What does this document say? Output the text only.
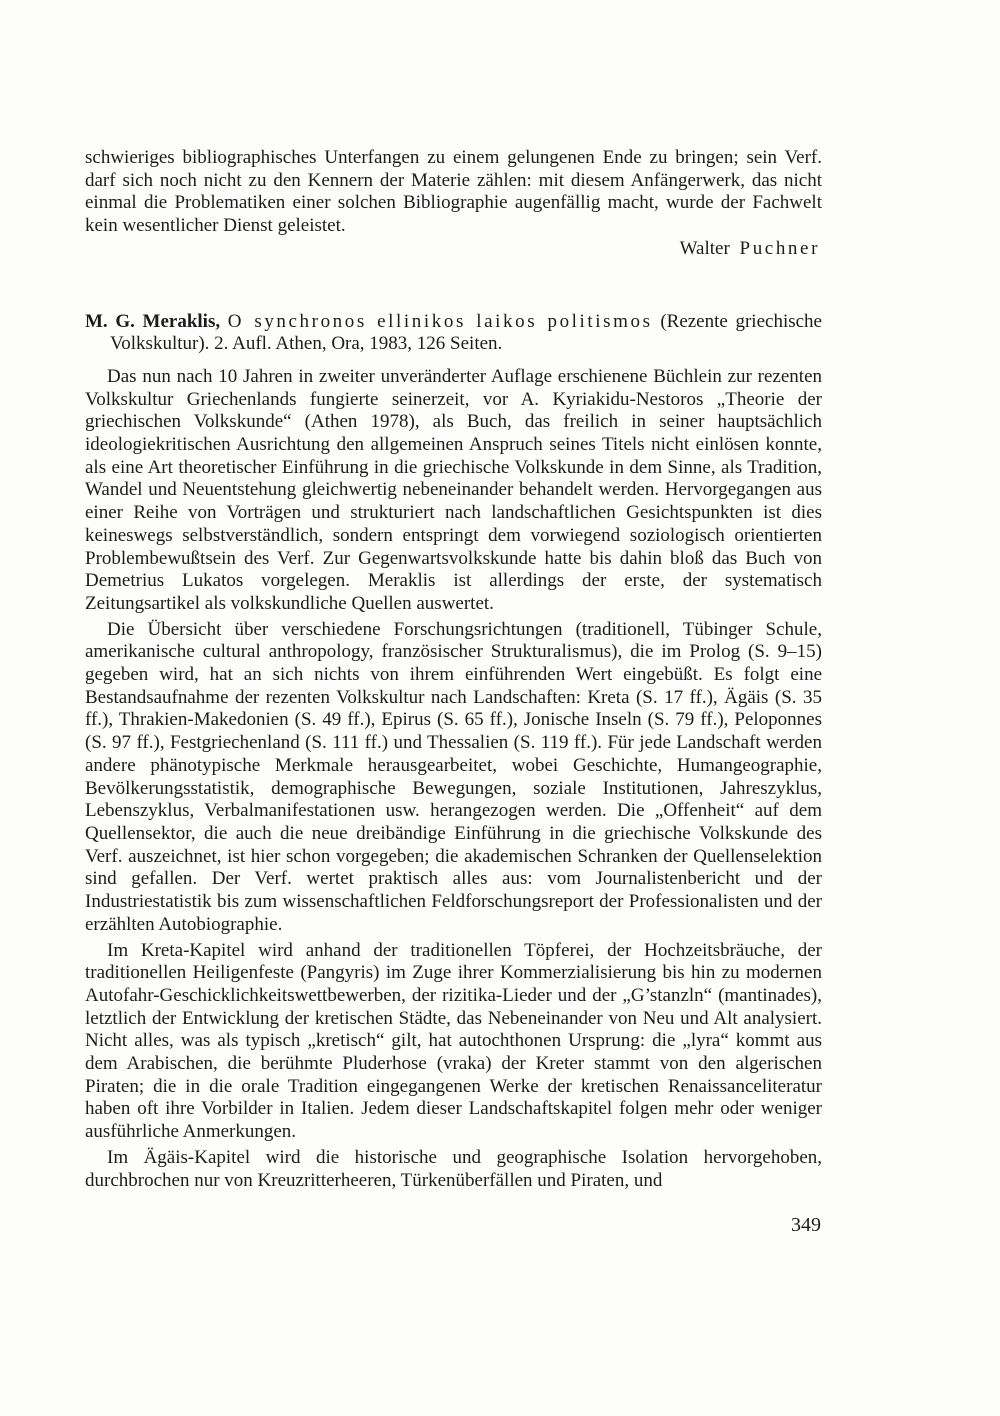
schwieriges bibliographisches Unterfangen zu einem gelungenen Ende zu bringen; sein Verf. darf sich noch nicht zu den Kennern der Materie zählen: mit diesem Anfängerwerk, das nicht einmal die Problematiken einer solchen Bibliographie augenfällig macht, wurde der Fachwelt kein wesentlicher Dienst geleistet.

Walter Puchner

M. G. Meraklis, O synchronos ellinikos laikos politismos (Rezente griechische Volkskultur). 2. Aufl. Athen, Ora, 1983, 126 Seiten.

Das nun nach 10 Jahren in zweiter unveränderter Auflage erschienene Büchlein zur rezenten Volkskultur Griechenlands fungierte seinerzeit, vor A. Kyriakidu-Nestoros „Theorie der griechischen Volkskunde“ (Athen 1978), als Buch, das freilich in seiner hauptsächlich ideologiekritischen Ausrichtung den allgemeinen Anspruch seines Titels nicht einlösen konnte, als eine Art theoretischer Einführung in die griechische Volkskunde in dem Sinne, als Tradition, Wandel und Neuentstehung gleichwertig nebeneinander behandelt werden. Hervorgegangen aus einer Reihe von Vorträgen und strukturiert nach landschaftlichen Gesichtspunkten ist dies keineswegs selbstverständlich, sondern entspringt dem vorwiegend soziologisch orientierten Problembewußtsein des Verf. Zur Gegenwartsvolkskunde hatte bis dahin bloß das Buch von Demetrius Lukatos vorgelegen. Meraklis ist allerdings der erste, der systematisch Zeitungsartikel als volkskundliche Quellen auswertet.

Die Übersicht über verschiedene Forschungsrichtungen (traditionell, Tübinger Schule, amerikanische cultural anthropology, französischer Strukturalismus), die im Prolog (S. 9–15) gegeben wird, hat an sich nichts von ihrem einführenden Wert eingebüßt. Es folgt eine Bestandsaufnahme der rezenten Volkskultur nach Landschaften: Kreta (S. 17 ff.), Ägäis (S. 35 ff.), Thrakien-Makedonien (S. 49 ff.), Epirus (S. 65 ff.), Jonische Inseln (S. 79 ff.), Peloponnes (S. 97 ff.), Festgriechenland (S. 111 ff.) und Thessalien (S. 119 ff.). Für jede Landschaft werden andere phänotypische Merkmale herausgearbeitet, wobei Geschichte, Humangeographie, Bevölkerungsstatistik, demographische Bewegungen, soziale Institutionen, Jahreszyklus, Lebenszyklus, Verbalmanifestationen usw. herangezogen werden. Die „Offenheit“ auf dem Quellensektor, die auch die neue dreibändige Einführung in die griechische Volkskunde des Verf. auszeichnet, ist hier schon vorgegeben; die akademischen Schranken der Quellenselektion sind gefallen. Der Verf. wertet praktisch alles aus: vom Journalistenbericht und der Industriestatistik bis zum wissenschaftlichen Feldforschungsreport der Professionalisten und der erzählten Autobiographie.

Im Kreta-Kapitel wird anhand der traditionellen Töpferei, der Hochzeitsbräuche, der traditionellen Heiligenfeste (Pangyris) im Zuge ihrer Kommerzialisierung bis hin zu modernen Autofahr-Geschicklichkeitswettbewerben, der rizitika-Lieder und der „G’stanzln“ (mantinades), letztlich der Entwicklung der kretischen Städte, das Nebeneinander von Neu und Alt analysiert. Nicht alles, was als typisch „kretisch“ gilt, hat autochthonen Ursprung: die „lyra“ kommt aus dem Arabischen, die berühmte Pluderhose (vraka) der Kreter stammt von den algerischen Piraten; die in die orale Tradition eingegangenen Werke der kretischen Renaissanceliteratur haben oft ihre Vorbilder in Italien. Jedem dieser Landschaftskapitel folgen mehr oder weniger ausführliche Anmerkungen.

Im Ägäis-Kapitel wird die historische und geographische Isolation hervorgehoben, durchbrochen nur von Kreuzritterheeren, Türkenüberfällen und Piraten, und

349
